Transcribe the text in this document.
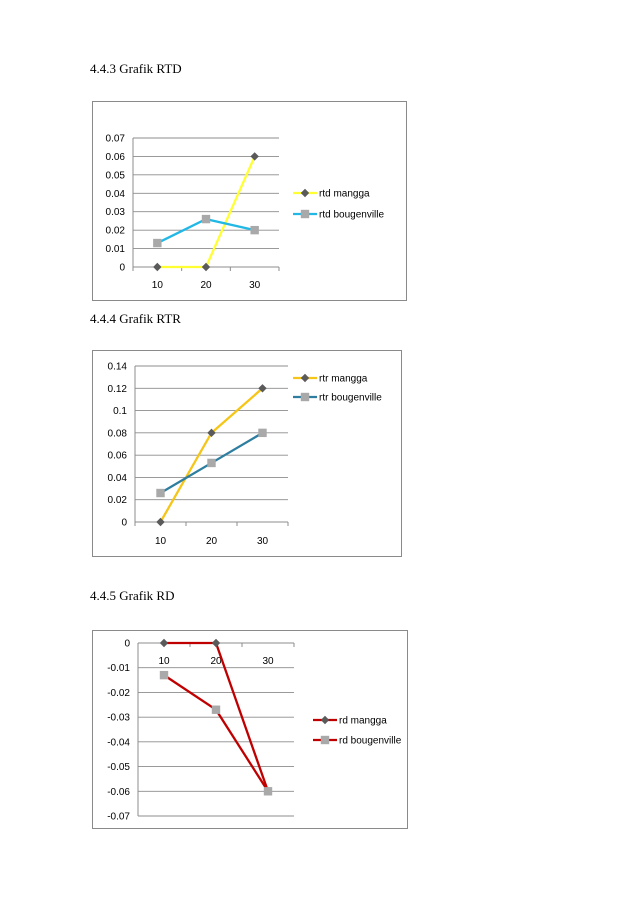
4.4.3 Grafik RTD
0
0.01
0.02
0.03
0.04
0.05
0.06
0.07
10	20	30
rtd mangga
rtd bougenville
4.4.4 Grafik RTR
0
0.02
0.04
0.06
0.08
0.1
0.12
0.14
10	20	30
rtr mangga
rtr bougenville
4.4.5 Grafik RD
0
-0.01
-0.02
-0.03
-0.04
-0.05
-0.06
-0.07
10	20	30
rd mangga
rd bougenville
